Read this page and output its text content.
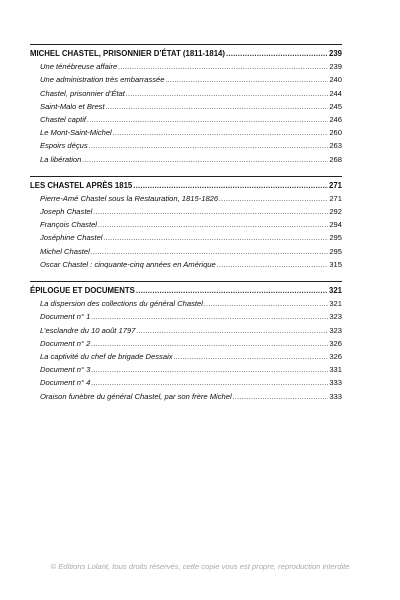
MICHEL CHASTEL, PRISONNIER D’ÉTAT (1811-1814) .....	239
Une ténébreuse affaire .....	239
Une administration très embarrassée .....	240
Chastel, prisonnier d’État .....	244
Saint-Malo et Brest .....	245
Chastel captif .....	246
Le Mont-Saint-Michel .....	260
Espoirs déçus .....	263
La libération .....	268
LES CHASTEL APRÈS 1815 .....	271
Pierre-Amé Chastel sous la Restauration, 1815-1826 .....	271
Joseph Chastel .....	292
François Chastel .....	294
Joséphine Chastel .....	295
Michel Chastel .....	295
Oscar Chastel : cinquante-cinq années en Amérique .....	315
ÉPILOGUE ET DOCUMENTS .....	321
La dispersion des collections du général Chastel .....	321
Document n° 1 .....	323
L’esclandre du 10 août 1797 .....	323
Document n° 2 .....	326
La captivité du chef de brigade Dessaix .....	326
Document n° 3 .....	331
Document n° 4 .....	333
Oraison funèbre du général Chastel, par son frère Michel .....	333
© Editions Lolant, tous droits réservés, cette copie vous est propre, reproduction interdite
